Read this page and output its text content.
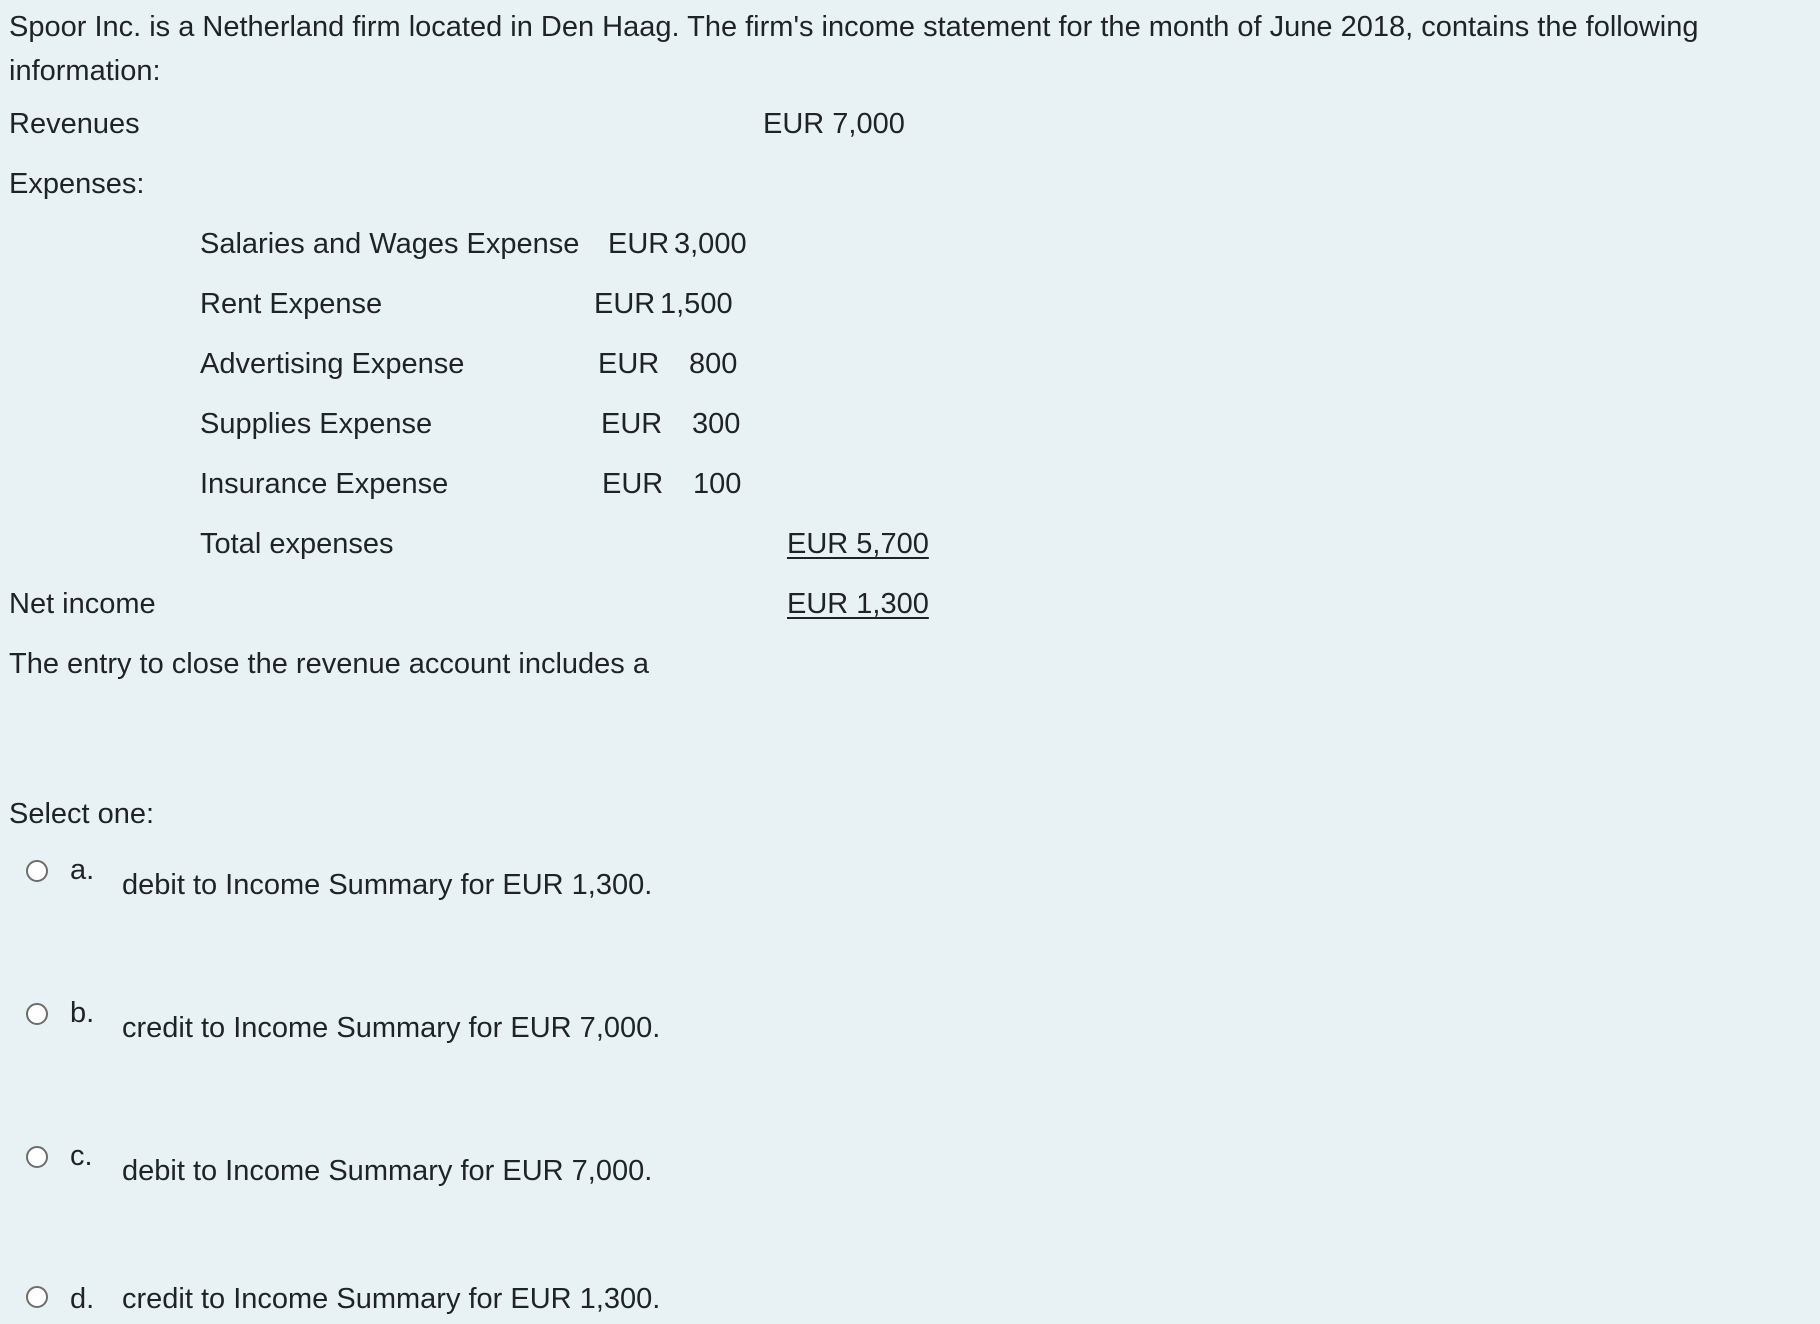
Spoor Inc. is a Netherland firm located in Den Haag. The firm's income statement for the month of June 2018, contains the following information:
Revenues	EUR 7,000
Expenses:
Salaries and Wages Expense EUR 3,000
Rent Expense	EUR 1,500
Advertising Expense	EUR 800
Supplies Expense	EUR 300
Insurance Expense	EUR 100
Total expenses	EUR 5,700
Net income	EUR 1,300
The entry to close the revenue account includes a
Select one:
a. debit to Income Summary for EUR 1,300.
b. credit to Income Summary for EUR 7,000.
c. debit to Income Summary for EUR 7,000.
d. credit to Income Summary for EUR 1,300.
